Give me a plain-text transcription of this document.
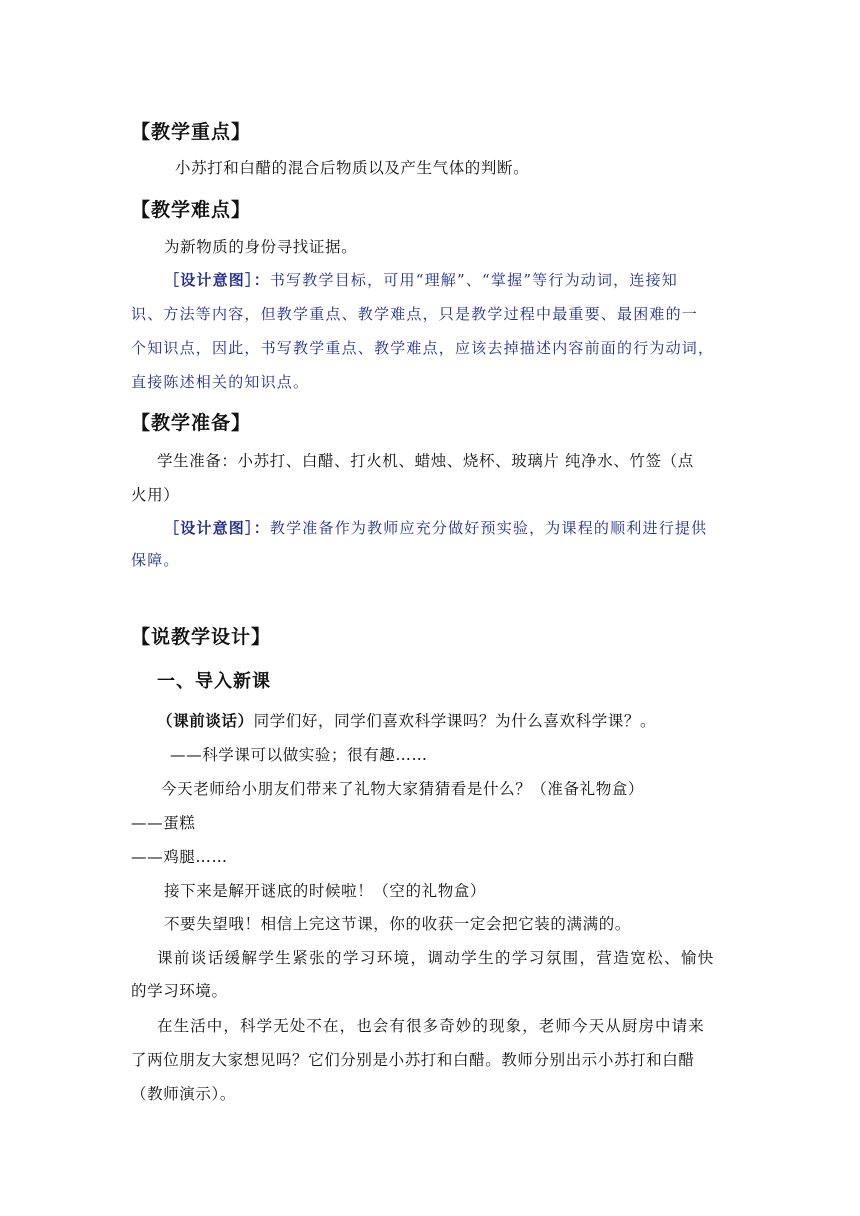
【教学重点】
小苏打和白醋的混合后物质以及产生气体的判断。
【教学难点】
为新物质的身份寻找证据。
［设计意图］：书写教学目标，可用“理解”、“掌握”等行为动词，连接知
识、方法等内容，但教学重点、教学难点，只是教学过程中最重要、最困难的一
个知识点，因此，书写教学重点、教学难点，应该去掉描述内容前面的行为动词，
直接陈述相关的知识点。
【教学准备】
学生准备：小苏打、白醋、打火机、蜡烛、烧杯、玻璃片 纯净水、竹签（点
火用）
［设计意图］：教学准备作为教师应充分做好预实验，为课程的顺利进行提供
保障。
【说教学设计】
一、导入新课
（课前谈话）同学们好，同学们喜欢科学课吗？为什么喜欢科学课？。
——科学课可以做实验；很有趣……
今天老师给小朋友们带来了礼物大家猜猜看是什么？（准备礼物盒）
——蛋糕
——鸡腿……
接下来是解开谜底的时候啦！（空的礼物盒）
不要失望哦！相信上完这节课，你的收获一定会把它装的满满的。
课前谈话缓解学生紧张的学习环境，调动学生的学习氛围，营造宽松、愉快
的学习环境。
在生活中，科学无处不在，也会有很多奇妙的现象，老师今天从厨房中请来
了两位朋友大家想见吗？它们分别是小苏打和白醋。教师分别出示小苏打和白醋
（教师演示）。
